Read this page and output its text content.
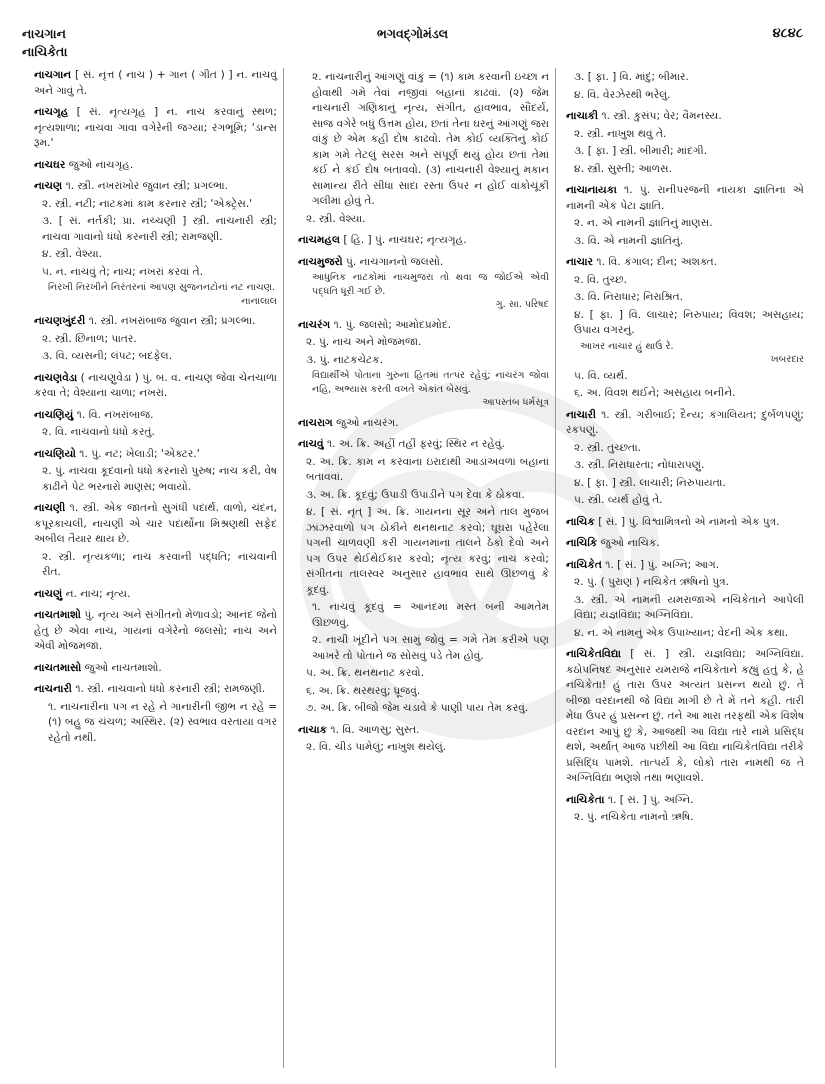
નાચગાન
નાચિકેતા
ભગવદ્ગોમંડલ	૪૮૪૮
નાચગાન [ સં. નૃત્ત ( નાચ ) + ગાન ( ગીત ) ] ન. નાચવું અને ગાવું તે.
નાચગૃહ [ સં. નૃત્યગૃહ ] ન. નાચ કરવાનું સ્થળ; નૃત્યશાળા; નાચવા ગાવા વગેરેની જગ્યા; રંગભૂમિ; 'ડાન્સ રૂમ.'
નાચઘર જુઓ નાચગૃહ.
નાચણ ૧. સ્ત્રી. નખરાંખોર જુવાન સ્ત્રી; પ્રગલ્ભા.
૨. સ્ત્રી. નટી; નાટકમાં કામ કરનાર સ્ત્રી; 'એક્ટ્રેસ.'
૩. [ સં. નર્તકી; પ્રા. નચ્ચણી ] સ્ત્રી. નાચનારી સ્ત્રી; નાચવા ગાવાનો ધંધો કરનારી સ્ત્રી; રામજણી.
૪. સ્ત્રી. વેશ્યા.
૫. ન. નાચવું તે; નાચ; નખરાં કરવાં તે.
નિરખી નિરખીને નિરંતરનાં આપણ સુજનનટોનાં નટ નાચણ.
નાનાલાલ
નાચણખુંદરી ૧. સ્ત્રી. નખરાંબાજ જુવાન સ્ત્રી; પ્રગલ્ભા.
૨. સ્ત્રી. છિનાળ; પાતર.
૩. વિ. વ્યસની; લંપટ; બદફેલ.
નાચણવેડા ( નાચણુવેડા ) પું. બ. વ. નાચણ જેવા ચેનચાળા કરવા તે; વેશ્યાના ચાળા; નખરાં.
નાચણિયું ૧. વિ. નખરાંબાજ.
૨. વિ. નાચવાનો ધંધો કરતું.
નાચણિયો ૧. પું. નટ; ખેલાડી; 'એક્ટર.'
૨. પું. નાચવા કૂદવાનો ધંધો કરનારો પુરુષ; નાચ કરી, વેષ કાઢીને પેટ ભરનારો માણસ; ભવાયો.
નાચણી ૧. સ્ત્રી. એક જાતનો સુગંધી પદાર્થ. વાળો, ચંદન, કપૂરકાચલી, નાચણી એ ચાર પદાર્થોના મિશ્રણથી સફેદ અબીલ તૈયાર થાય છે.
૨. સ્ત્રી. નૃત્યકળા; નાચ કરવાની પદ્ધતિ; નાચવાની રીત.
નાચણું ન. નાચ; નૃત્ય.
નાચતમાશો પું. નૃત્ય અને સંગીતનો મેળાવડો; આનંદ જેનો હેતુ છે એવા નાચ, ગાયનાં વગેરેનો જલસો; નાચ અને એવી મોજમજા.
નાચતમાસો જુઓ નાચતમાશો.
નાચનારી ૧. સ્ત્રી. નાચવાનો ધંધો કરનારી સ્ત્રી; રામજણી.
૧. નાચનારીના પગ ન રહે ને ગાનારીની જીભ ન રહે = (૧) બહુ જ ચંચળ; અસ્થિર. (૨) સ્વભાવ વરતાયા વગર રહેતો નથી.
૨. નાચનારીનું આંગણું વાંકું = (૧) કામ કરવાની ઇચ્છા ન હોવાથી ગમે તેવાં નજીવાં બહાનાં કાઢવાં. (૨) જેમ નાચનારી ગણિકાનું નૃત્ય, સંગીત, હાવભાવ, સૌંદર્ય, સાજ વગેરે બધું ઉત્તમ હોય, છતાં તેના ઘરનું આંગણું જરા વાંકું છે એમ કહી દોષ કાઢવો. તેમ કોઈ વ્યક્તિનું કોઈ કામ ગમે તેટલું સરસ અને સંપૂર્ણ થયું હોય છતાં તેમાં કંઈ ને કંઈ દોષ બતાવવો. (૩) નાચનારી વેશ્યાનું મકાન સામાન્ય રીતે સીધા સાદા રસ્તા ઉપર ન હોઈ વાંકોચૂંકી ગલીમાં હોવું તે.
૨. સ્ત્રી. વેશ્યા.
નાચમહલ [ હિ. ] પું. નાચઘર; નૃત્યગૃહ.
નાચમુજરો પું. નાચગાનનો જલસો.
આધુનિક નાટકોમાં નાચમુજરા તો થવા જ જોઈએ એવી પદ્ધતિ ધૂરી ગઈ છે.
ગુ. સા. પરિષદ
નાચરંગ ૧. પું. જલસો; આમોદપ્રમોદ.
૨. પું. નાચ અને મોજમજા.
૩. પું. નાટકચેટક.
વિદ્યાર્થીએ પોતાના ગુરુના હિતમાં તત્પર રહેવું; નાચરંગ જોવા નહિ, અભ્યાસ કરતી વખતે એકાંત બેસવું.
આપસ્તંબ ધર્મસૂત્ર
નાચરાગ જુઓ નાચરંગ.
નાચવું ૧. અ. ક્રિ. અહીં તહીં ફરવું; સ્થિર ન રહેવું.
૨. અ. ક્રિ. કામ ન કરવાના ઇરાદાથી આડાંઅવળાં બહાનાં બતાવવાં.
૩. અ. ક્રિ. કૂદવું; ઉપાડી ઉપાડીને પગ દેવા કે ઠોકવા.
૪. [ સં. નૃત્ ] અ. ક્રિ. ગાયનના સૂર અને તાલ મુજબ ઝાંઝરવાળો પગ ઠોકીને થનથનાટ કરવો; ઘૂઘરા પહેરેલા પગની ચાળવણી કરી ગાયનમાંના તાલને ઠેકો દેવો અને પગ ઉપર થેઈથેઈકાર કરવો; નૃત્ય કરવું; નાચ કરવો; સંગીતના તાલસ્વર અનુસાર હાવભાવ સાથે ઊછળવું કે કૂદવું.
૧. નાચવું કૂદવું = આનંદમાં મસ્ત બની આમતેમ ઊછળવું.
૨. નાચી ખૂંદીને પગ સામું જોવું = ગમે તેમ કરીએ પણ આખરે તો પોતાને જ સોસવું પડે તેમ હોવું.
૫. અ. ક્રિ. થનથનાટ કરવો.
૬. અ. ક્રિ. થરથરવું; ધ્રૂજવું.
૭. અ. ક્રિ. બીજો જેમ ચડાવે કે પાણી પાય તેમ કરવું.
નાચાક ૧. વિ. આળસુ; સુસ્ત.
૨. વિ. ચીડ પામેલું; નાખુશ થયેલું.
૩. [ ફા. ] વિ. માંદું; બીમાર.
૪. વિ. વેરઝેરથી ભરેલું.
નાચાકી ૧. સ્ત્રી. કુસંપ; વેર; વૈમનસ્ય.
૨. સ્ત્રી. નાખુશ થવું તે.
૩. [ ફા. ] સ્ત્રી. બીમારી; માંદગી.
૪. સ્ત્રી. સુસ્તી; આળસ.
નાચાનાયકા ૧. પું. રાનીપરજની નાયકા જ્ઞાતિના એ નામની એક પેટા જ્ઞાતિ.
૨. ન. એ નામની જ્ઞાતિનું માણસ.
૩. વિ. એ નામની જ્ઞાતિનું.
નાચાર ૧. વિ. કંગાલ; દીન; અશક્ત.
૨. વિ. તુચ્છ.
૩. વિ. નિરાધાર; નિરાશ્રિત.
૪. [ ફા. ] વિ. લાચાર; નિરુપાય; વિવશ; અસહાય; ઉપાય વગરનું.
આખર નાચાર હું થાઉં રે.
ખબરદાર
૫. વિ. વ્યર્થ.
૬. અ. વિવશ થઈને; અસહાય બનીને.
નાચારી ૧. સ્ત્રી. ગરીબાઈ; દૈન્ય; કંગાલિયત; દુર્બળપણું; રંકપણું.
૨. સ્ત્રી. તુચ્છતા.
૩. સ્ત્રી. નિરાધારતા; નોધારાપણું.
૪. [ ફા. ] સ્ત્રી. લાચારી; નિરુપાયતા.
૫. સ્ત્રી. વ્યર્થ હોવું તે.
નાચિક [ સં. ] પું. વિશ્વામિત્રનો એ નામનો એક પુત્ર.
નાચિકિ જુઓ નાચિક.
નાચિકેત ૧. [ સં. ] પું. અગ્નિ; આગ.
૨. પું. ( પુરાણ ) નચિકેત ઋષિનો પુત્ર.
૩. સ્ત્રી. એ નામની યમરાજાએ નચિકેતાને આપેલી વિદ્યા; યજ્ઞવિદ્યા; અગ્નિવિદ્યા.
૪. ન. એ નામનું એક ઉપાખ્યાન; વેદની એક કથા.
નાચિકેતવિદ્યા [ સં. ] સ્ત્રી. યજ્ઞવિદ્યા; અગ્નિવિદ્યા. કઠોપનિષદ અનુસાર યમરાજે નચિકેતાને કહ્યું હતું કે, હે નચિકેતા! હું તારા ઉપર અત્યંત પ્રસન્ન થયો છું. તેં બીજા વરદાનથી જે વિદ્યા માગી છે તે મેં તને કહી. તારી મેધા ઉપર હું પ્રસન્ન છું. તને આ મારા તરફથી એક વિશેષ વરદાન આપું છું કે, આજથી આ વિદ્યા તારે નામે પ્રસિદ્ધ થશે, અર્થાત્ આજ પછીથી આ વિદ્યા નાચિકેતવિદ્યા તરીકે પ્રસિદ્ધિ પામશે. તાત્પર્ય કે, લોકો તારા નામથી જ તે અગ્નિવિદ્યા ભણશે તથા ભણાવશે.
નાચિકેતા ૧. [ સં. ] પું. અગ્નિ.
૨. પું. નચિકેતા નામનો ઋષિ.
